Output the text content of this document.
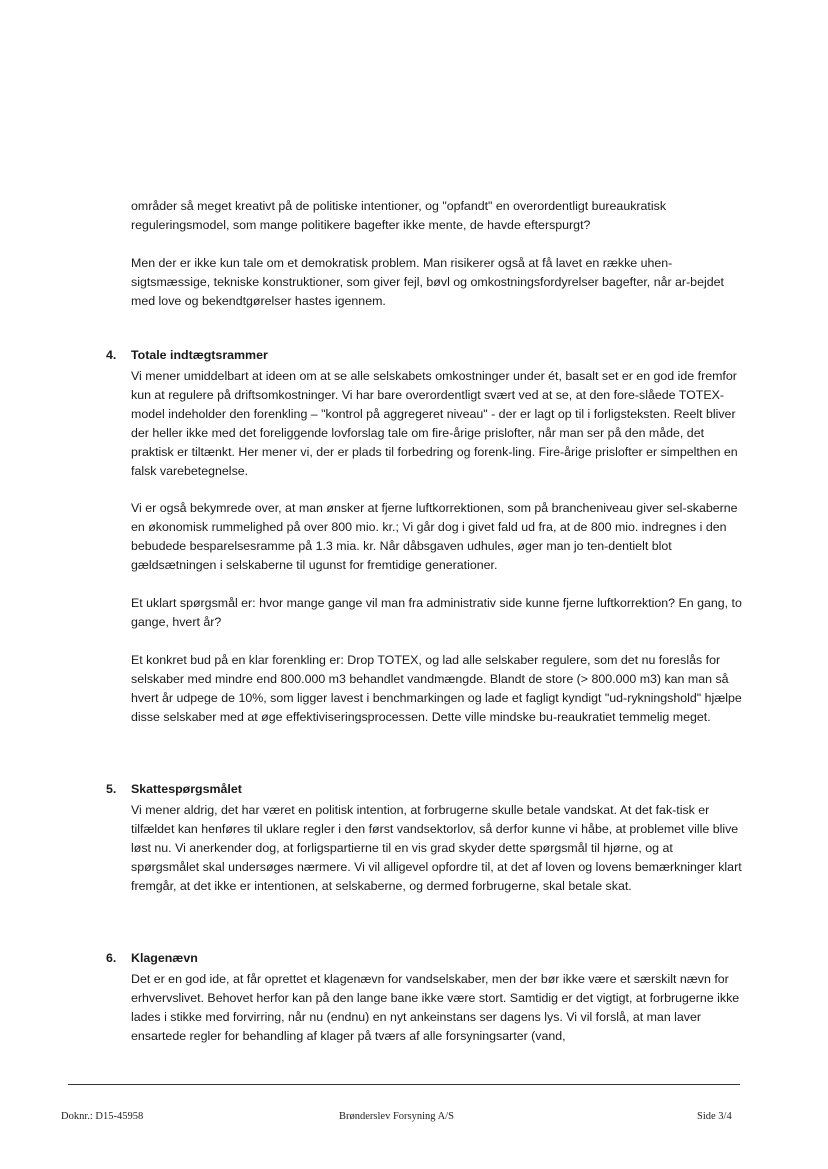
områder så meget kreativt på de politiske intentioner, og "opfandt" en overordentligt bureaukratisk reguleringsmodel, som mange politikere bagefter ikke mente, de havde efterspurgt?

Men der er ikke kun tale om et demokratisk problem. Man risikerer også at få lavet en række uhen-sigtsmæssige, tekniske konstruktioner, som giver fejl, bøvl og omkostningsfordyrelser bagefter, når ar-bejdet med love og bekendtgørelser hastes igennem.

4. Totale indtægtsrammer

Vi mener umiddelbart at ideen om at se alle selskabets omkostninger under ét, basalt set er en god ide fremfor kun at regulere på driftsomkostninger. Vi har bare overordentligt svært ved at se, at den fore-slåede TOTEX-model indeholder den forenkling – "kontrol på aggregeret niveau" - der er lagt op til i forligsteksten. Reelt bliver der heller ikke med det foreliggende lovforslag tale om fire-årige prislofter, når man ser på den måde, det praktisk er tiltænkt. Her mener vi, der er plads til forbedring og forenk-ling. Fire-årige prislofter er simpelthen en falsk varebetegnelse.

Vi er også bekymrede over, at man ønsker at fjerne luftkorrektionen, som på brancheniveau giver sel-skaberne en økonomisk rummelighed på over 800 mio. kr.; Vi går dog i givet fald ud fra, at de 800 mio. indregnes i den bebudede besparelsesramme på 1.3 mia. kr. Når dåbsgaven udhules, øger man jo ten-dentielt blot gældsætningen i selskaberne til ugunst for fremtidige generationer.

Et uklart spørgsmål er: hvor mange gange vil man fra administrativ side kunne fjerne luftkorrektion? En gang, to gange, hvert år?

Et konkret bud på en klar forenkling er: Drop TOTEX, og lad alle selskaber regulere, som det nu foreslås for selskaber med mindre end 800.000 m3 behandlet vandmængde. Blandt de store (> 800.000 m3) kan man så hvert år udpege de 10%, som ligger lavest i benchmarkingen og lade et fagligt kyndigt "ud-rykningshold" hjælpe disse selskaber med at øge effektiviseringsprocessen. Dette ville mindske bu-reaukratiet temmelig meget.

5. Skattespørgsmålet

Vi mener aldrig, det har været en politisk intention, at forbrugerne skulle betale vandskat. At det fak-tisk er tilfældet kan henføres til uklare regler i den først vandsektorlov, så derfor kunne vi håbe, at problemet ville blive løst nu. Vi anerkender dog, at forligspartierne til en vis grad skyder dette spørgsmål til hjørne, og at spørgsmålet skal undersøges nærmere. Vi vil alligevel opfordre til, at det af loven og lovens bemærkninger klart fremgår, at det ikke er intentionen, at selskaberne, og dermed forbrugerne, skal betale skat.

6. Klagenævn

Det er en god ide, at får oprettet et klagenævn for vandselskaber, men der bør ikke være et særskilt nævn for erhvervslivet. Behovet herfor kan på den lange bane ikke være stort. Samtidig er det vigtigt, at forbrugerne ikke lades i stikke med forvirring, når nu (endnu) en nyt ankeinstans ser dagens lys. Vi vil forslå, at man laver ensartede regler for behandling af klager på tværs af alle forsyningsarter (vand,

Doknr.: D15-45958	Brønderslev Forsyning A/S	Side 3/4
